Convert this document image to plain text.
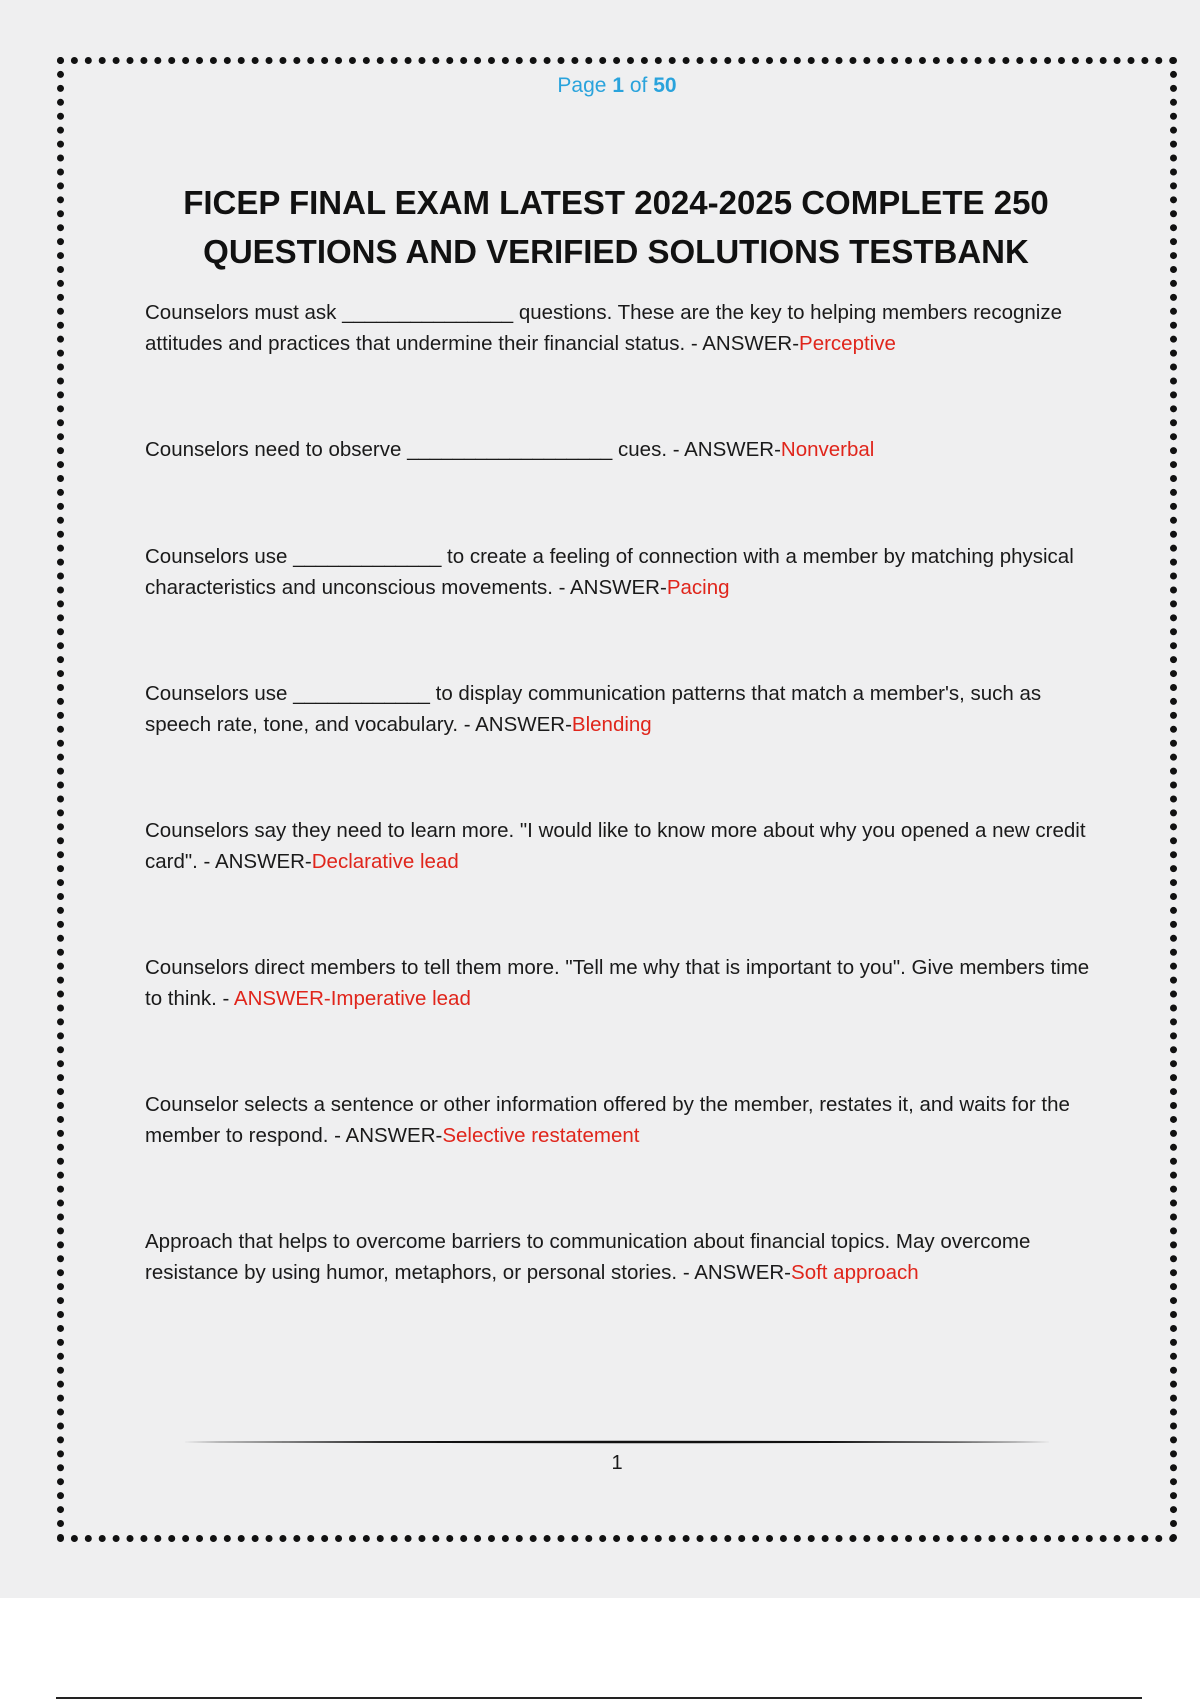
Page 1 of 50
FICEP FINAL EXAM LATEST 2024-2025 COMPLETE 250
QUESTIONS AND VERIFIED SOLUTIONS TESTBANK

Counselors must ask _______________ questions. These are the key to helping members recognize attitudes and practices that undermine their financial status. - ANSWER-Perceptive

Counselors need to observe __________________ cues. - ANSWER-Nonverbal

Counselors use _____________ to create a feeling of connection with a member by matching physical characteristics and unconscious movements. - ANSWER-Pacing

Counselors use ____________ to display communication patterns that match a member's, such as speech rate, tone, and vocabulary. - ANSWER-Blending

Counselors say they need to learn more. "I would like to know more about why you opened a new credit card". - ANSWER-Declarative lead

Counselors direct members to tell them more. "Tell me why that is important to you". Give members time to think. - ANSWER-Imperative lead

Counselor selects a sentence or other information offered by the member, restates it, and waits for the member to respond. - ANSWER-Selective restatement

Approach that helps to overcome barriers to communication about financial topics. May overcome resistance by using humor, metaphors, or personal stories. - ANSWER-Soft approach

1
